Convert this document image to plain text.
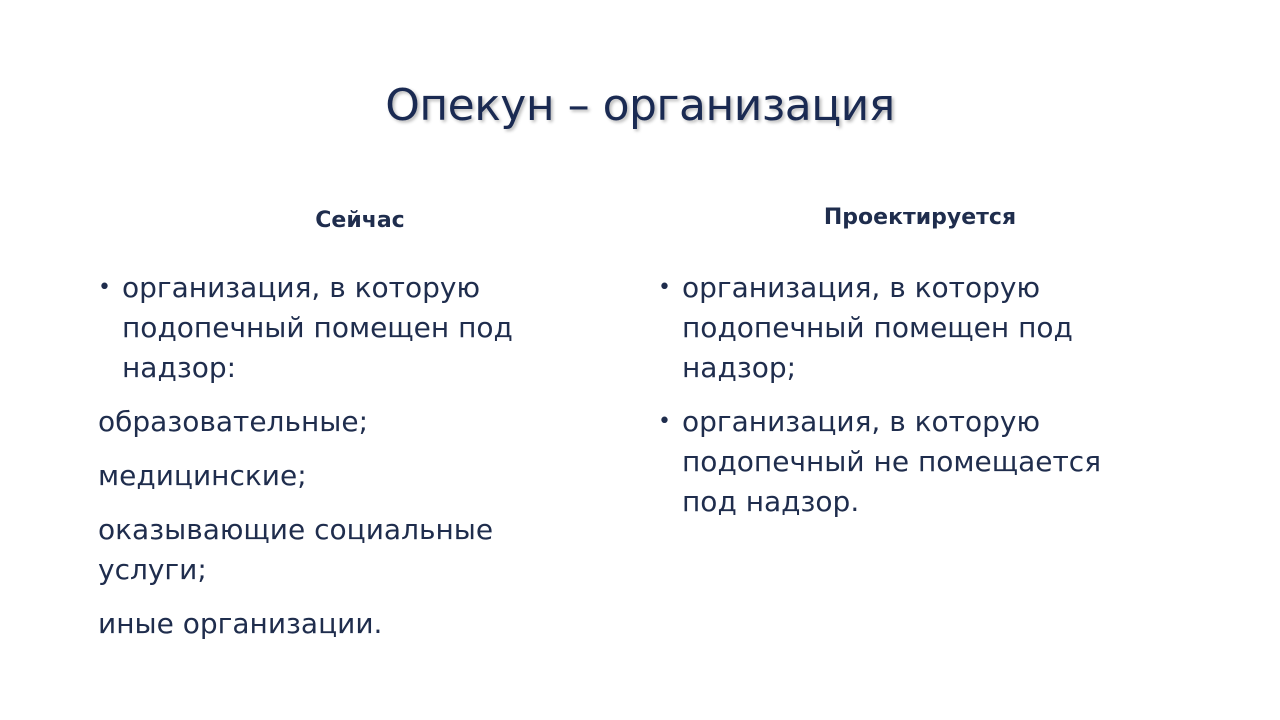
Опекун – организация
Сейчас	Проектируется
• организация, в которую
подопечный помещен под
надзор:
образовательные;
медицинские;
оказывающие социальные
услуги;
иные организации.
• организация, в которую
подопечный помещен под
надзор;
• организация, в которую
подопечный не помещается
под надзор.
